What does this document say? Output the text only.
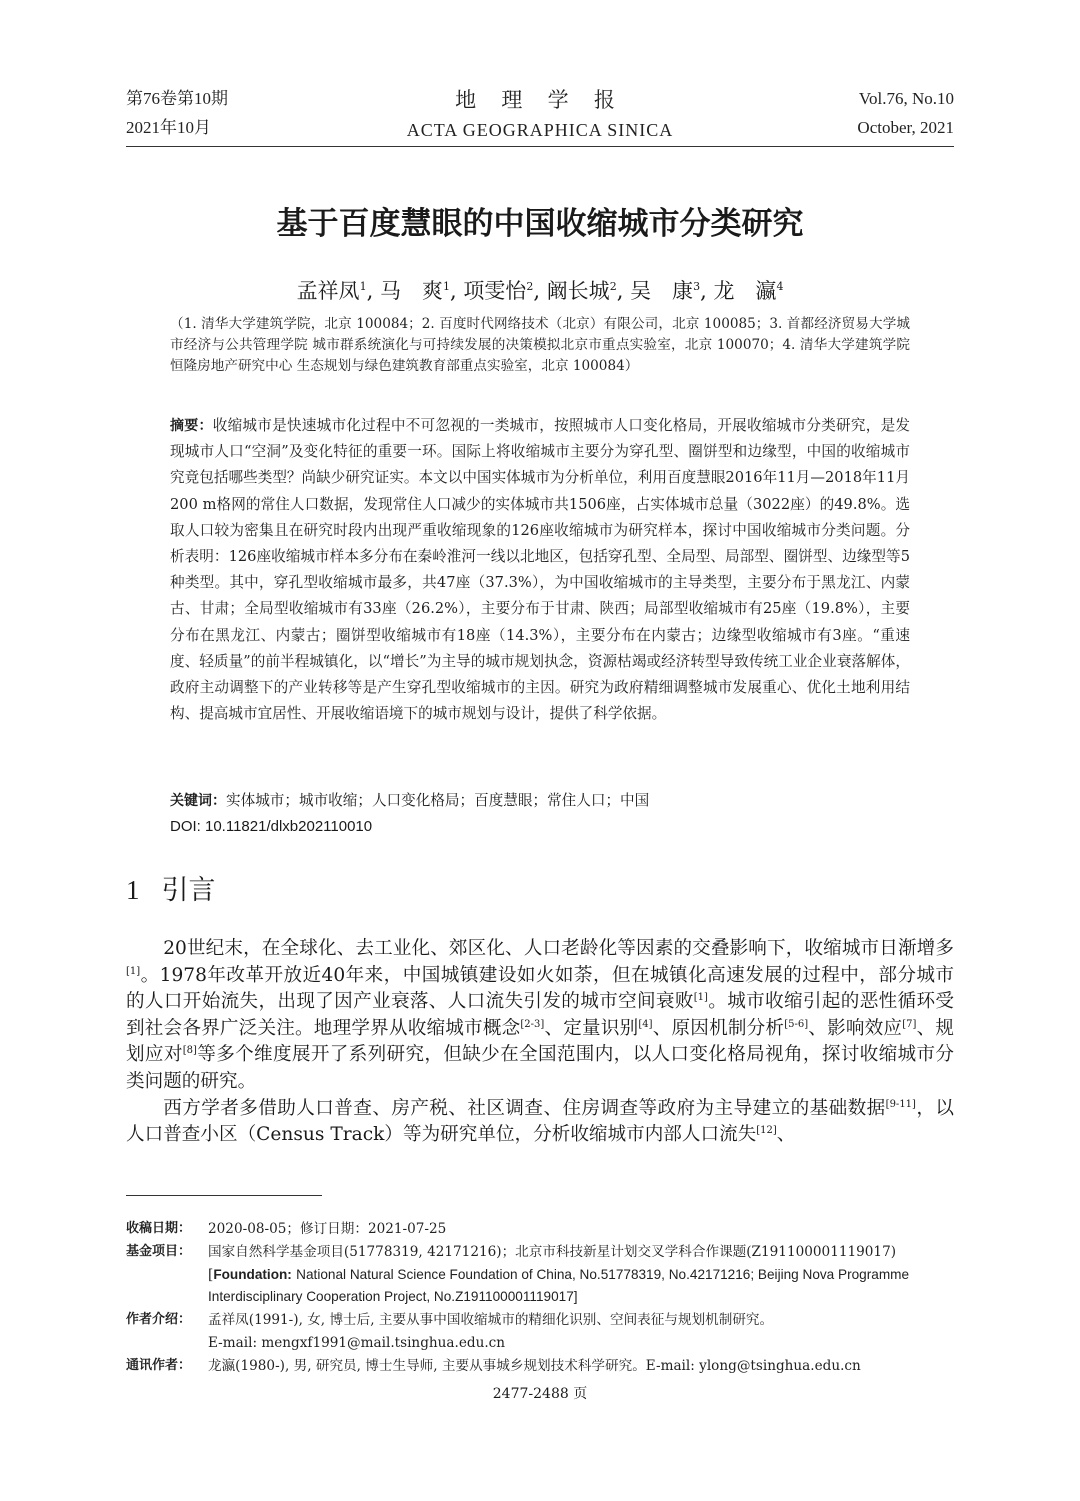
第76卷第10期
2021年10月
地 理 学 报
ACTA GEOGRAPHICA SINICA
Vol.76, No.10
October, 2021
基于百度慧眼的中国收缩城市分类研究
孟祥凤$^1$, 马　爽$^1$, 项雯怡$^2$, 阚长城$^2$, 吴　康$^3$, 龙　瀛$^4$
（1. 清华大学建筑学院，北京 100084；2. 百度时代网络技术（北京）有限公司，北京 100085；3. 首都经济贸易大学城市经济与公共管理学院 城市群系统演化与可持续发展的决策模拟北京市重点实验室，北京 100070；4. 清华大学建筑学院恒隆房地产研究中心 生态规划与绿色建筑教育部重点实验室，北京 100084）
摘要：收缩城市是快速城市化过程中不可忽视的一类城市，按照城市人口变化格局，开展收缩城市分类研究，是发现城市人口“空洞”及变化特征的重要一环。国际上将收缩城市主要分为穿孔型、圈饼型和边缘型，中国的收缩城市究竟包括哪些类型？尚缺少研究证实。本文以中国实体城市为分析单位，利用百度慧眼2016年11月—2018年11月200 m格网的常住人口数据，发现常住人口减少的实体城市共1506座，占实体城市总量（3022座）的49.8%。选取人口较为密集且在研究时段内出现严重收缩现象的126座收缩城市为研究样本，探讨中国收缩城市分类问题。分析表明：126座收缩城市样本多分布在秦岭淮河一线以北地区，包括穿孔型、全局型、局部型、圈饼型、边缘型等5种类型。其中，穿孔型收缩城市最多，共47座（37.3%），为中国收缩城市的主导类型，主要分布于黑龙江、内蒙古、甘肃；全局型收缩城市有33座（26.2%），主要分布于甘肃、陕西；局部型收缩城市有25座（19.8%），主要分布在黑龙江、内蒙古；圈饼型收缩城市有18座（14.3%），主要分布在内蒙古；边缘型收缩城市有3座。“重速度、轻质量”的前半程城镇化，以“增长”为主导的城市规划执念，资源枯竭或经济转型导致传统工业企业衰落解体，政府主动调整下的产业转移等是产生穿孔型收缩城市的主因。研究为政府精细调整城市发展重心、优化土地利用结构、提高城市宜居性、开展收缩语境下的城市规划与设计，提供了科学依据。
关键词：实体城市；城市收缩；人口变化格局；百度慧眼；常住人口；中国
DOI: 10.11821/dlxb202110010
1 引言

20世纪末，在全球化、去工业化、郊区化、人口老龄化等因素的交叠影响下，收缩城市日渐增多[1]。1978年改革开放近40年来，中国城镇建设如火如荼，但在城镇化高速发展的过程中，部分城市的人口开始流失，出现了因产业衰落、人口流失引发的城市空间衰败[1]。城市收缩引起的恶性循环受到社会各界广泛关注。地理学界从收缩城市概念[2-3]、定量识别[4]、原因机制分析[5-6]、影响效应[7]、规划应对[8]等多个维度展开了系列研究，但缺少在全国范围内，以人口变化格局视角，探讨收缩城市分类问题的研究。

西方学者多借助人口普查、房产税、社区调查、住房调查等政府为主导建立的基础数据[9-11]，以人口普查小区（Census Track）等为研究单位，分析收缩城市内部人口流失[12]、

收稿日期：	2020-08-05；修订日期：2021-07-25
基金项目：	国家自然科学基金项目(51778319, 42171216)；北京市科技新星计划交叉学科合作课题(Z191100001119017)
[Foundation: National Natural Science Foundation of China, No.51778319, No.42171216; Beijing Nova Programme Interdisciplinary Cooperation Project, No.Z191100001119017]
作者介绍：	孟祥凤(1991-), 女, 博士后, 主要从事中国收缩城市的精细化识别、空间表征与规划机制研究。
E-mail: mengxf1991@mail.tsinghua.edu.cn
通讯作者：	龙瀛(1980-), 男, 研究员, 博士生导师, 主要从事城乡规划技术科学研究。E-mail: ylong@tsinghua.edu.cn
2477-2488 页
